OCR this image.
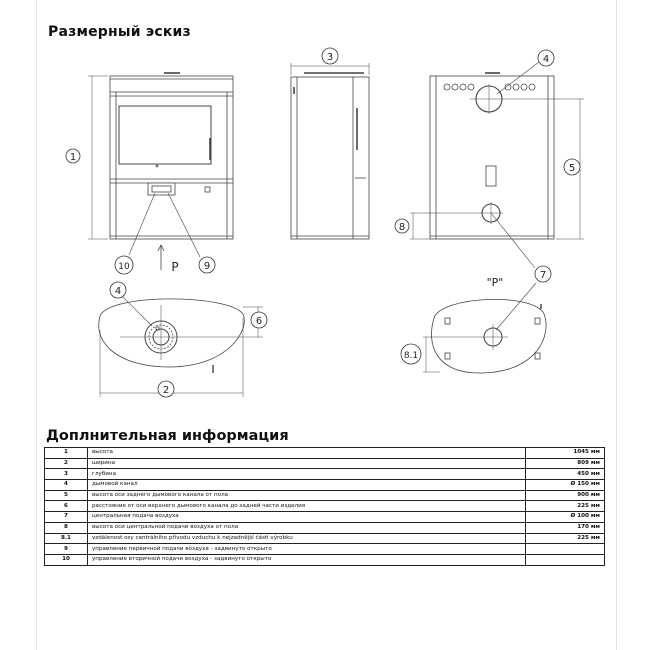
Размерный эскиз
1
2
3	4
5
6
7
8
8.1
9
10
4
P
"P"
Доплнительная информация
1	высота	1045 мм
2	ширина	809 мм
3	глубина	450 мм
4	дымовой канал	Ø 150 мм
5	высота оси заднего дымового канала от пола	900 мм
6	расстояние от оси верхнего дымового канала до задней части изделия	225 мм
7	центральная подача воздуха	Ø 100 мм
8	высота оси центральной подачи воздуха от пола	170 мм
8.1	vzdálenost osy centrálního přívodu vzduchu k nejzadnější části výrobku	225 мм
9	управление первичной подачи воздуха - задвинуто открыто	
10	управление вторичной подачи воздуха - задвинуто открыто	
